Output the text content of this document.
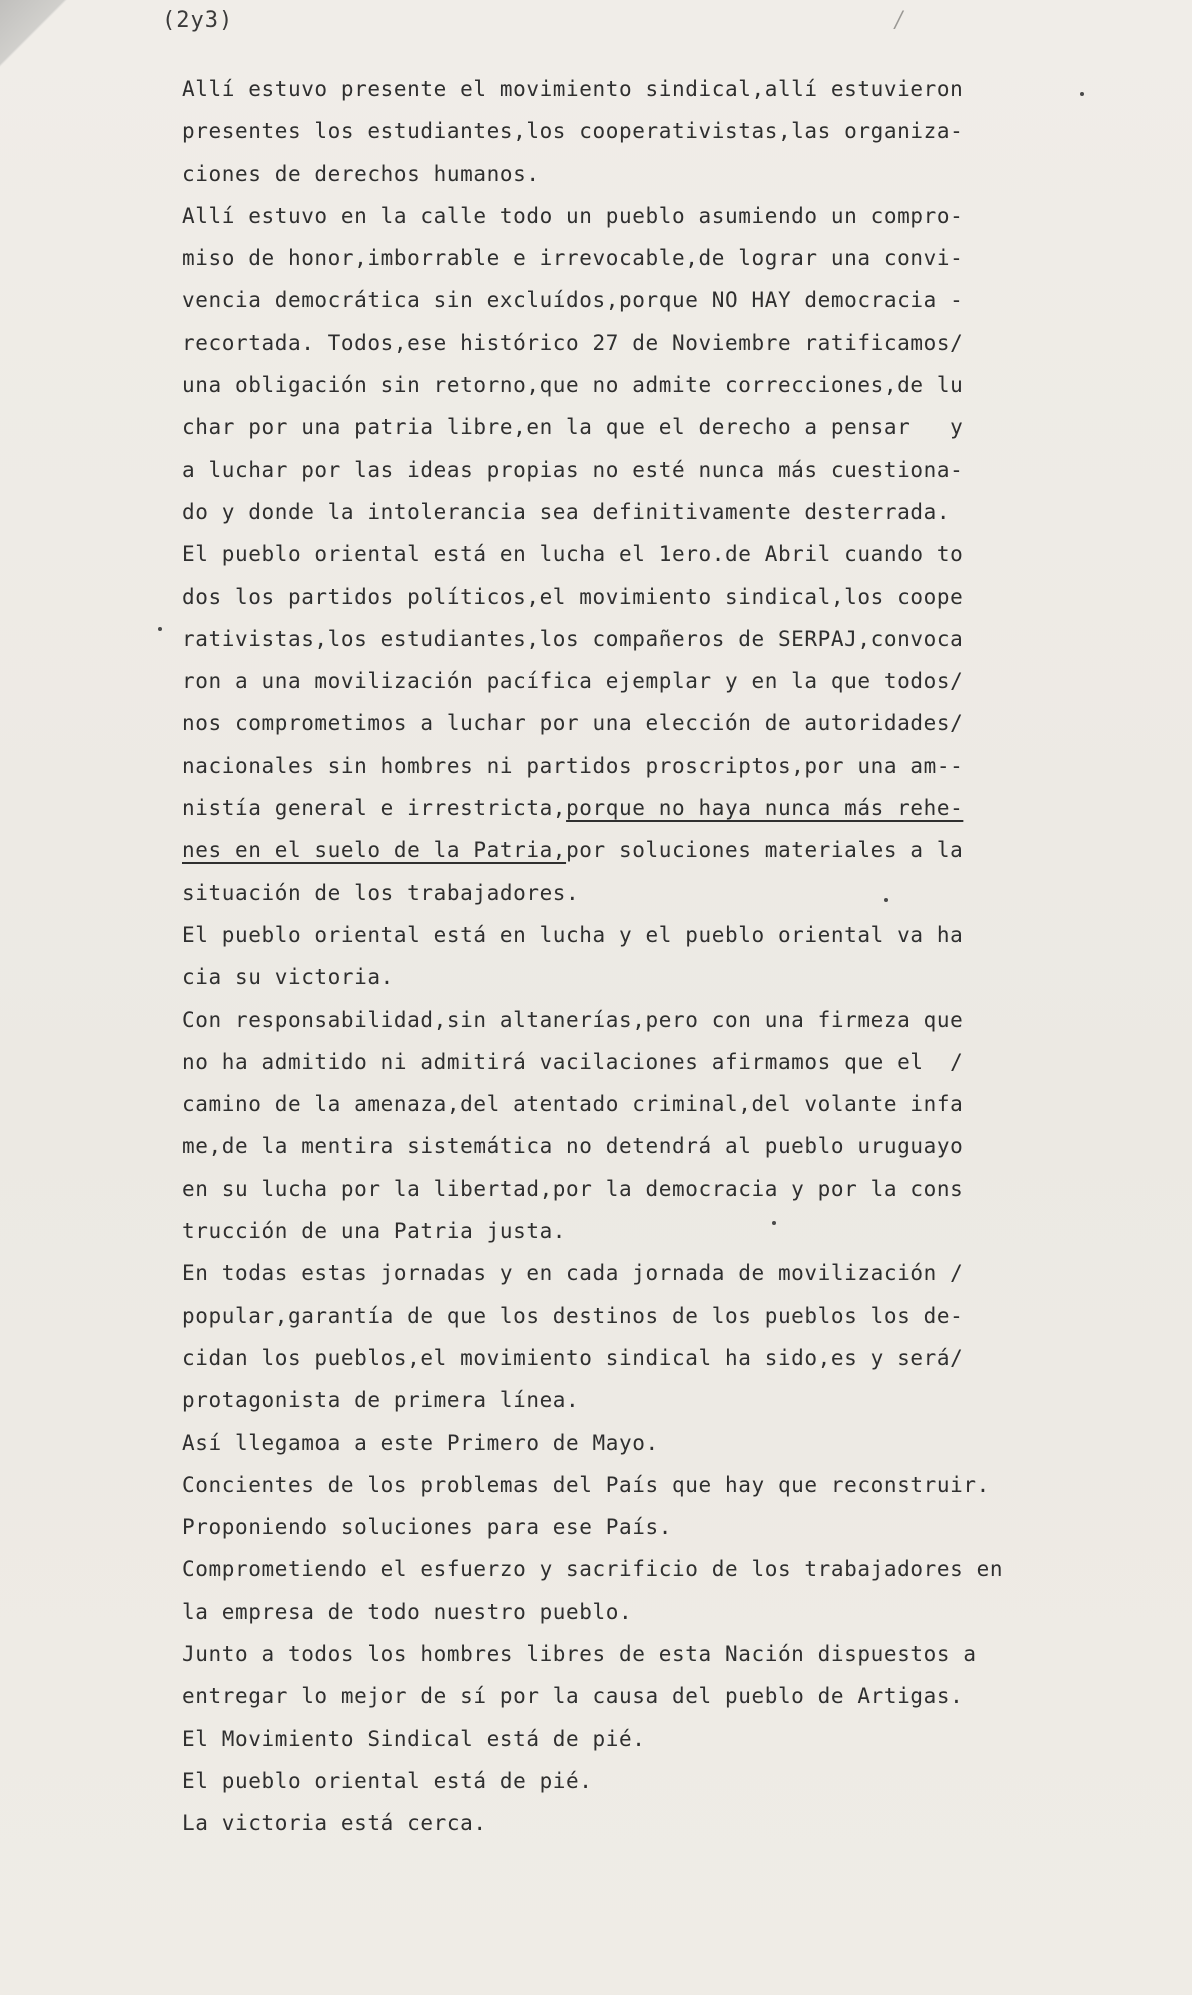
(2y3)	/
Allí estuvo presente el movimiento sindical,allí estuvieron
presentes los estudiantes,los cooperativistas,las organiza-
ciones de derechos humanos.
Allí estuvo en la calle todo un pueblo asumiendo un compro-
miso de honor,imborrable e irrevocable,de lograr una convi-
vencia democrática sin excluídos,porque NO HAY democracia -
recortada. Todos,ese histórico 27 de Noviembre ratificamos/
una obligación sin retorno,que no admite correcciones,de lu
char por una patria libre,en la que el derecho a pensar   y
a luchar por las ideas propias no esté nunca más cuestiona-
do y donde la intolerancia sea definitivamente desterrada.
El pueblo oriental está en lucha el 1ero.de Abril cuando to
dos los partidos políticos,el movimiento sindical,los coope
rativistas,los estudiantes,los compañeros de SERPAJ,convoca
ron a una movilización pacífica ejemplar y en la que todos/
nos comprometimos a luchar por una elección de autoridades/
nacionales sin hombres ni partidos proscriptos,por una am--
nistía general e irrestricta,porque no haya nunca más rehe-
nes en el suelo de la Patria,por soluciones materiales a la
situación de los trabajadores.
El pueblo oriental está en lucha y el pueblo oriental va ha
cia su victoria.
Con responsabilidad,sin altanerías,pero con una firmeza que
no ha admitido ni admitirá vacilaciones afirmamos que el  /
camino de la amenaza,del atentado criminal,del volante infa
me,de la mentira sistemática no detendrá al pueblo uruguayo
en su lucha por la libertad,por la democracia y por la cons
trucción de una Patria justa.
En todas estas jornadas y en cada jornada de movilización /
popular,garantía de que los destinos de los pueblos los de-
cidan los pueblos,el movimiento sindical ha sido,es y será/
protagonista de primera línea.
Así llegamoa a este Primero de Mayo.
Concientes de los problemas del País que hay que reconstruir.
Proponiendo soluciones para ese País.
Comprometiendo el esfuerzo y sacrificio de los trabajadores en
la empresa de todo nuestro pueblo.
Junto a todos los hombres libres de esta Nación dispuestos a
entregar lo mejor de sí por la causa del pueblo de Artigas.
El Movimiento Sindical está de pié.
El pueblo oriental está de pié.
La victoria está cerca.
